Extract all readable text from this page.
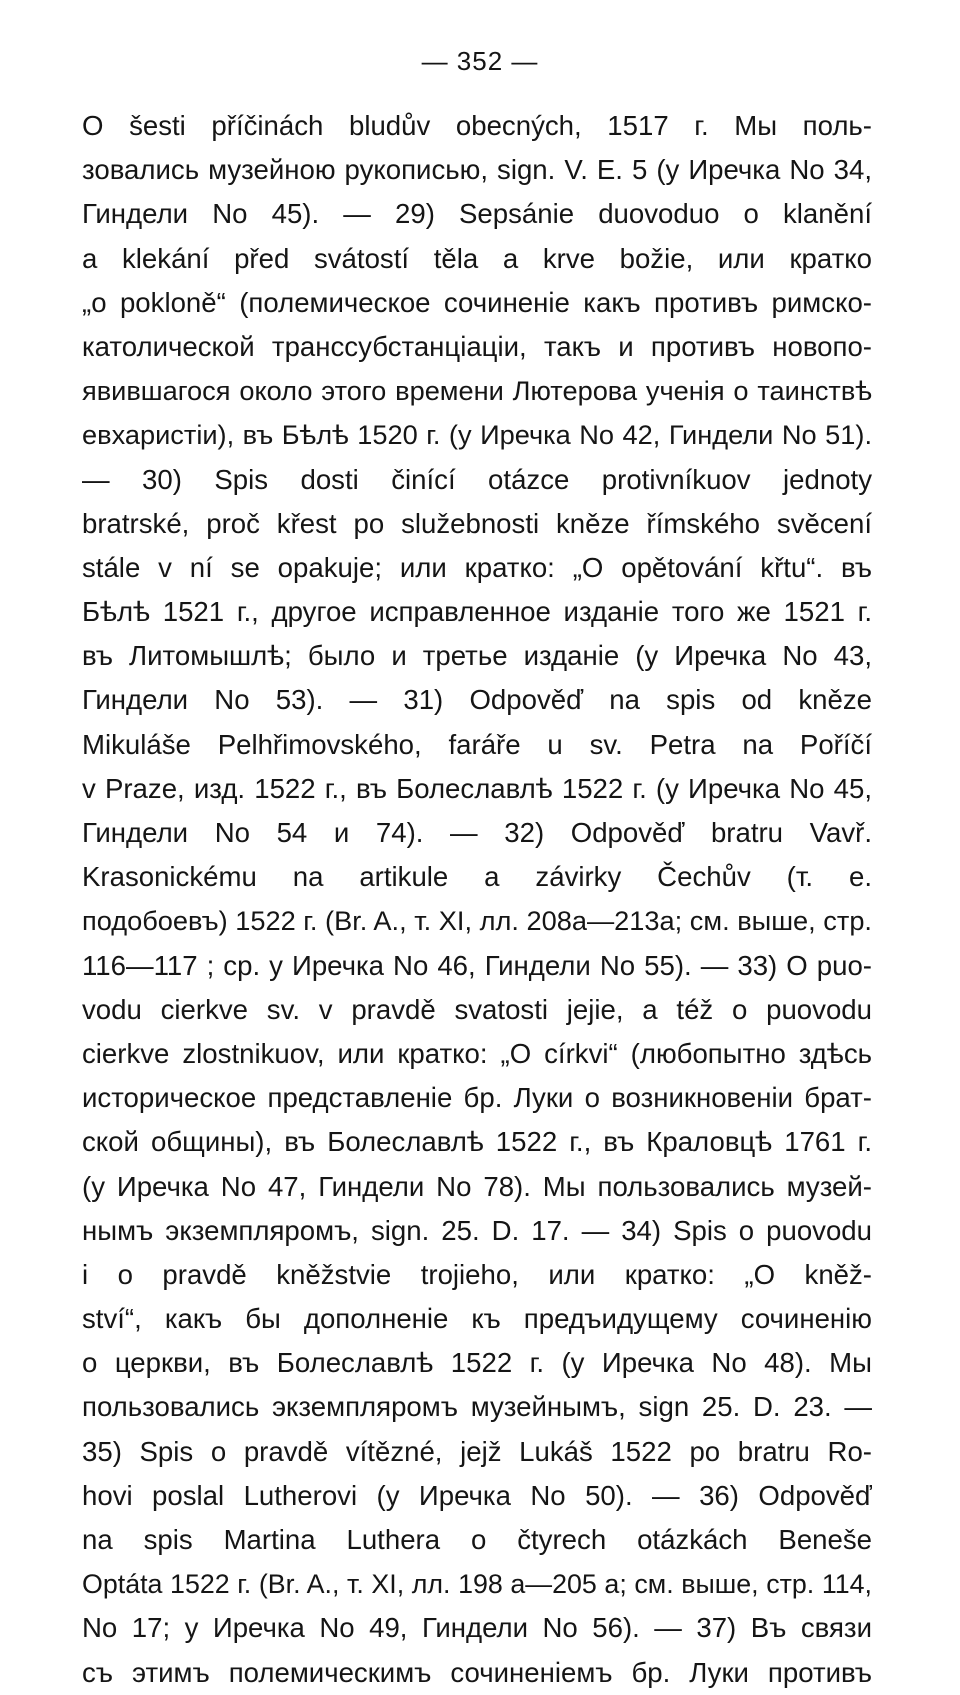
— 352 —
O šesti příčinách bludův obecných, 1517 г. Мы поль-
зовались музейною рукописью, sign. V. E. 5 (у Иречка No 34,
Гиндели No 45). — 29) Sepsánie duovoduo o klanění
a klekání před svátostí těla a krve božie, или кратко
„o pokloně“ (полемическое сочиненіе какъ противъ римско-
католической транссубстанціаціи, такъ и противъ новопо-
явившагося около этого времени Лютерова ученія о таинствѣ
евхаристіи), въ Бѣлѣ 1520 г. (у Иречка No 42, Гиндели No 51).
— 30) Spis dosti činící otázce protivníkuov jednoty
bratrské, proč křest po služebnosti kněze římského svěcení
stále v ní se opakuje; или кратко: „O opětování křtu“. въ
Бѣлѣ 1521 г., другое исправленное изданіе того же 1521 г.
въ Литомышлѣ; было и третье изданіе (у Иречка No 43,
Гиндели No 53). — 31) Odpověď na spis od kněze
Mikuláše Pelhřimovského, faráře u sv. Petra na Poříčí
v Praze, изд. 1522 г., въ Болеславлѣ 1522 г. (у Иречка No 45,
Гиндели No 54 и 74). — 32) Odpověď bratru Vavř.
Krasonickému na artikule a závirky Čechův (т. е.
подобоевъ) 1522 г. (Br. A., т. XI, лл. 208a—213a; см. выше, стр.
116—117 ; ср. у Иречка No 46, Гиндели No 55). — 33) O puo-
vodu cierkve sv. v pravdě svatosti jejie, a též o puovodu
cierkve zlostnikuov, или кратко: „O církvi“ (любопытно здѣсь
историческое представленіе бр. Луки о возникновеніи брат-
ской общины), въ Болеславлѣ 1522 г., въ Краловцѣ 1761 г.
(у Иречка No 47, Гиндели No 78). Мы пользовались музей-
нымъ экземпляромъ, sign. 25. D. 17. — 34) Spis o puovodu
i o pravdě kněžstvie trojieho, или кратко: „O kněž-
ství“, какъ бы дополненіе къ предъидущему сочиненію
о церкви, въ Болеславлѣ 1522 г. (у Иречка No 48). Мы
пользовались экземпляромъ музейнымъ, sign 25. D. 23. —
35) Spis o pravdě vítězné, jejž Lukáš 1522 po bratru Ro-
hovi poslal Lutherovi (у Иречка No 50). — 36) Odpověď
na spis Martina Luthera o čtyrech otázkách Beneše
Optáta 1522 г. (Br. A., т. XI, лл. 198 a—205 a; см. выше, стр. 114,
No 17; у Иречка No 49, Гиндели No 56). — 37) Въ связи
съ этимъ полемическимъ сочиненіемъ бр. Луки противъ
